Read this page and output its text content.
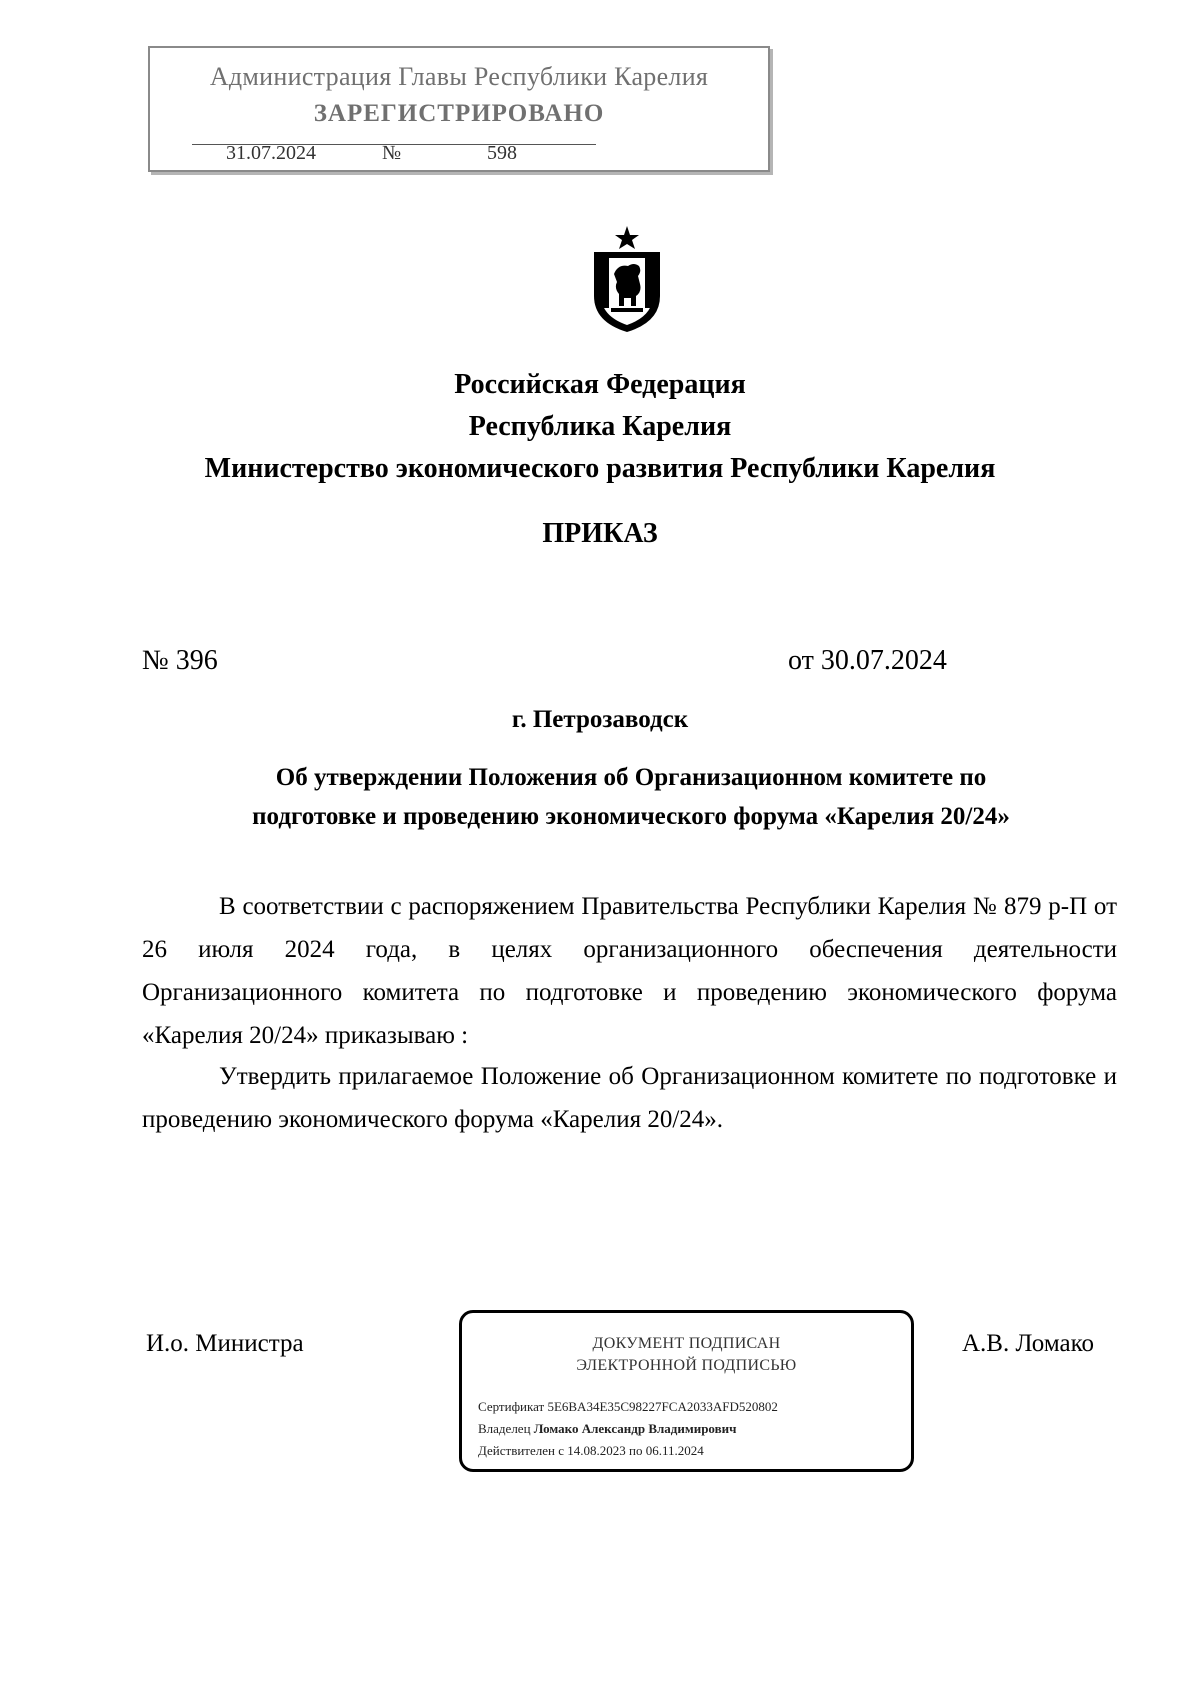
Администрация Главы Республики Карелия
ЗАРЕГИСТРИРОВАНО
31.07.2024	№	598
Российская Федерация
Республика Карелия
Министерство экономического развития Республики Карелия
ПРИКАЗ
№ 396	от 30.07.2024
г. Петрозаводск
Об утверждении Положения об Организационном комитете по
подготовке и проведению экономического форума «Карелия 20/24»
В соответствии с распоряжением Правительства Республики Карелия № 879 р-П от 26 июля 2024 года, в целях организационного обеспечения деятельности Организационного комитета по подготовке и проведению экономического форума «Карелия 20/24» приказываю :
Утвердить прилагаемое Положение об Организационном комитете по подготовке и проведению экономического форума «Карелия 20/24».
И.о. Министра	А.В. Ломако
ДОКУМЕНТ ПОДПИСАН
ЭЛЕКТРОННОЙ ПОДПИСЬЮ
Сертификат 5E6BA34E35C98227FCA2033AFD520802
Владелец Ломако Александр Владимирович
Действителен с 14.08.2023 по 06.11.2024
